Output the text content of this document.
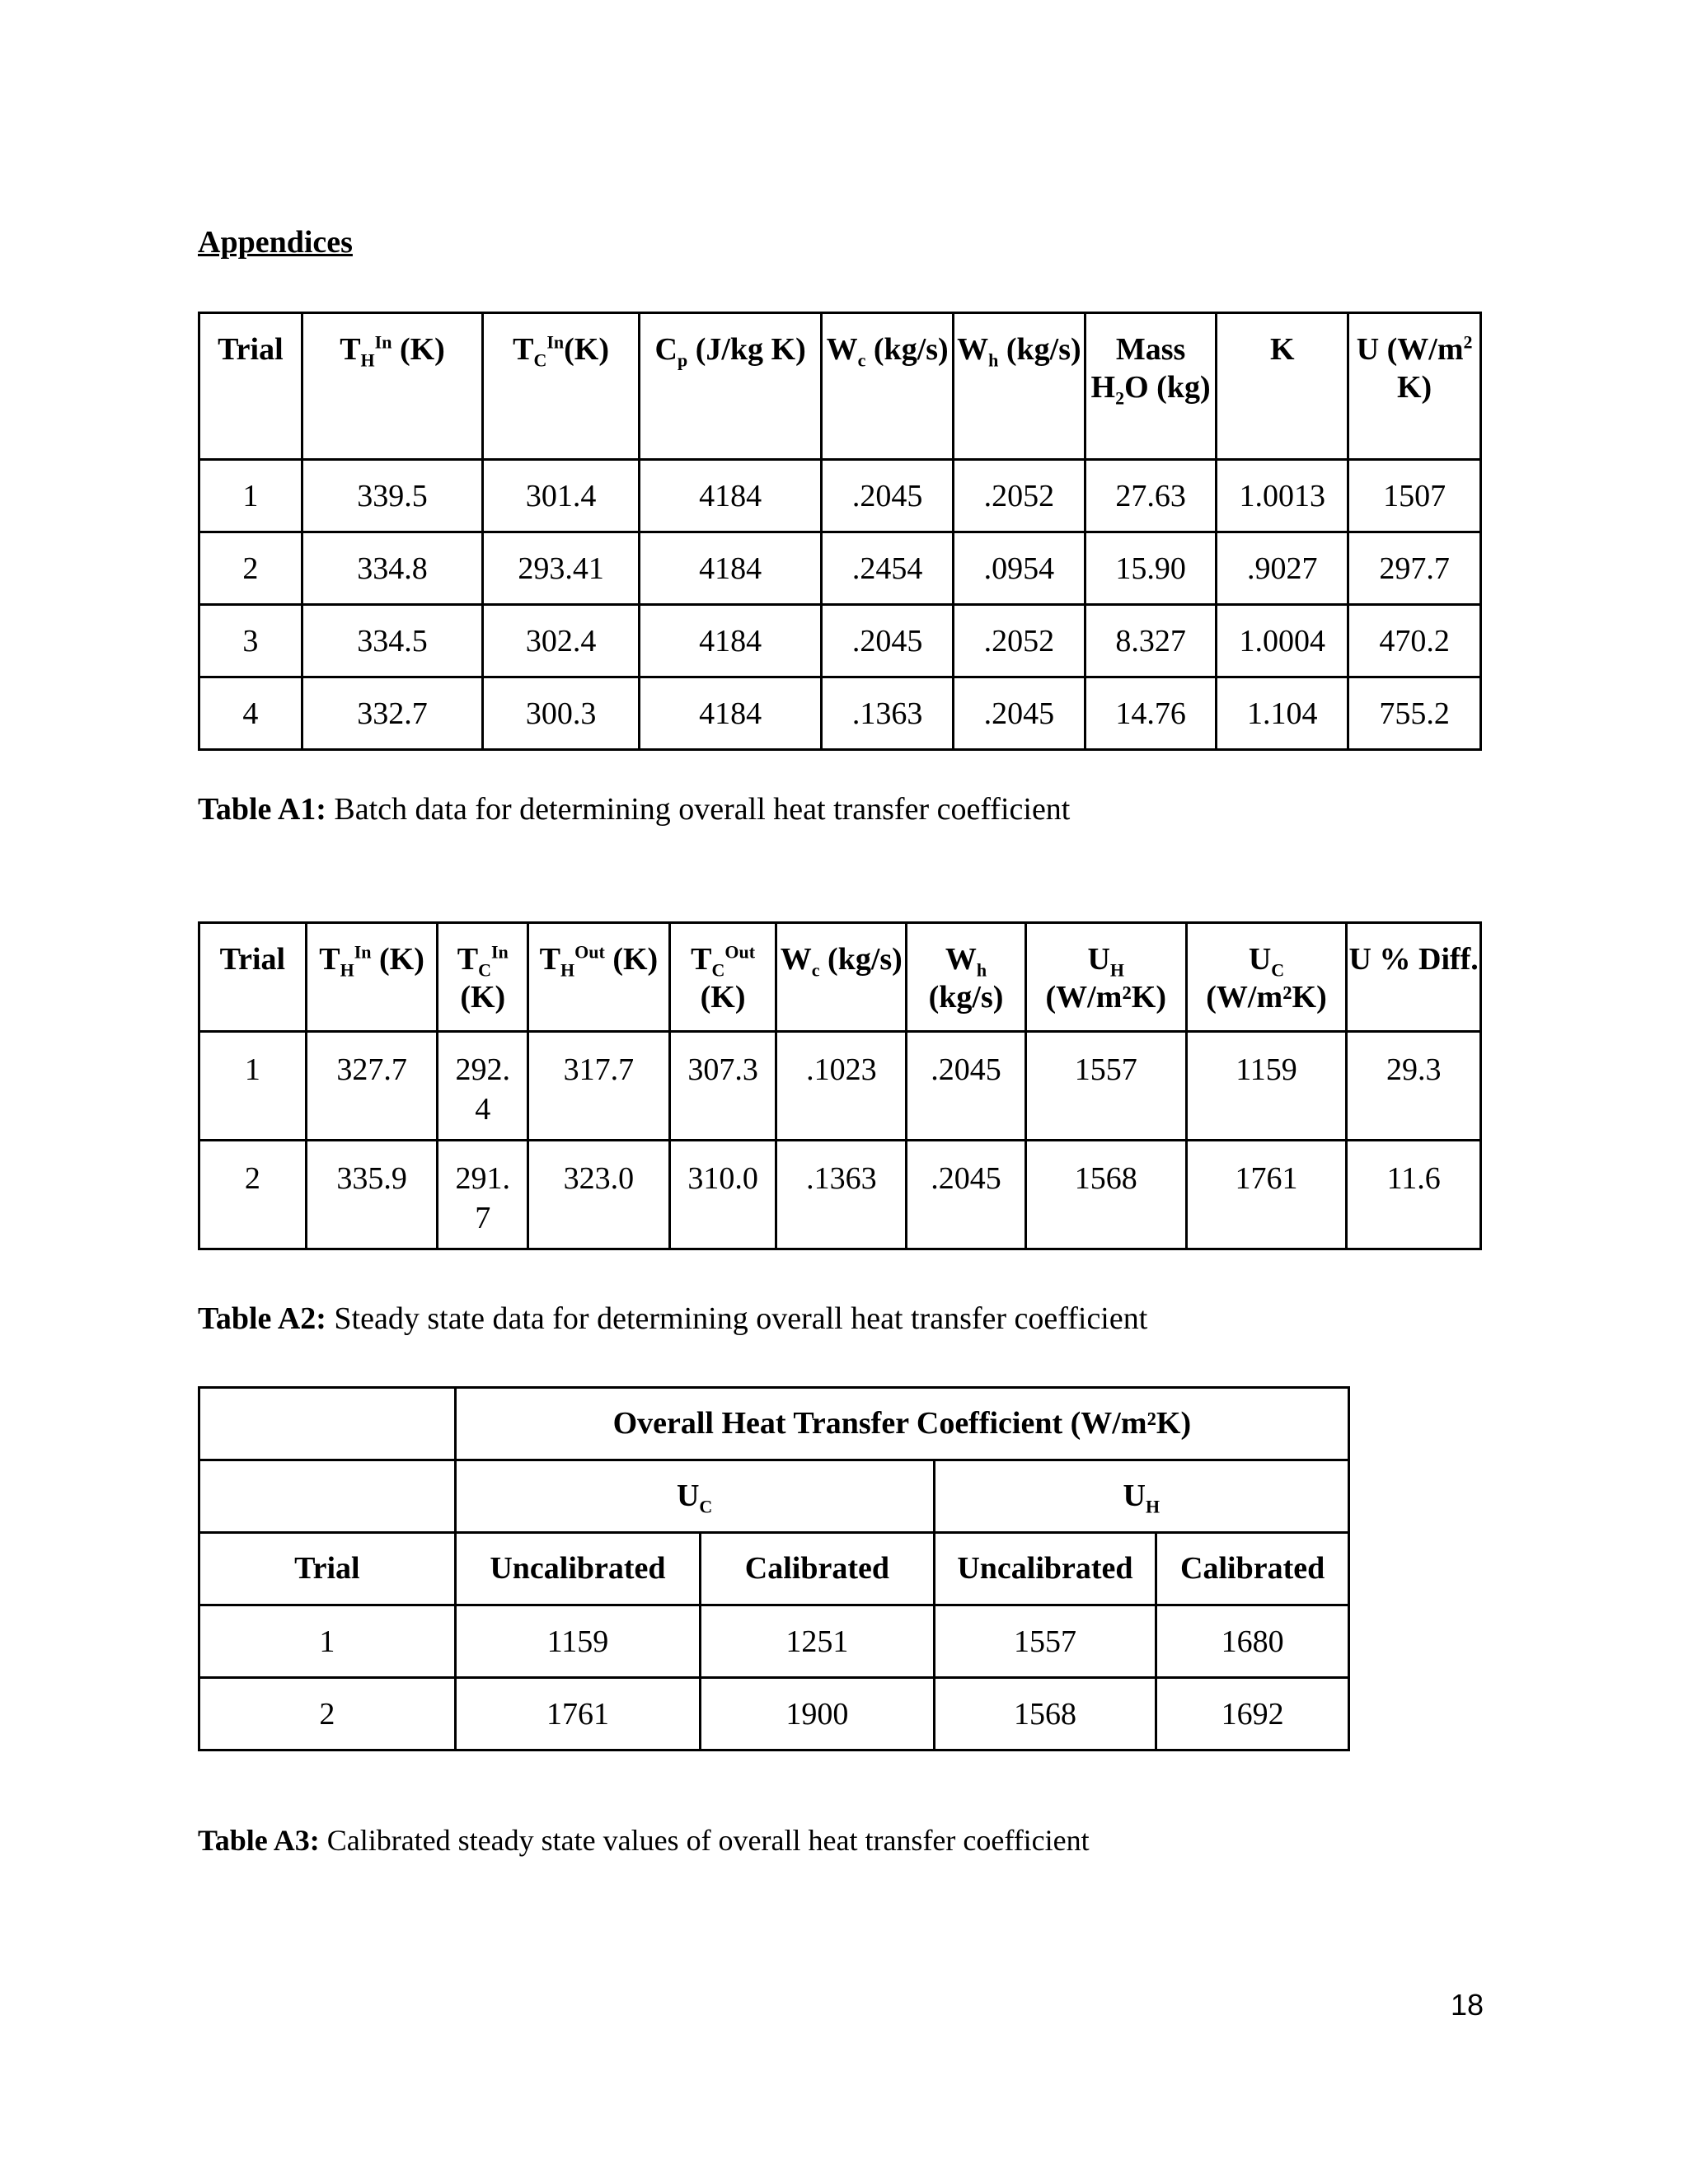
Appendices
Trial	$T_H^{In}$ (K)	$T_C^{In}(K)$	$C_p$ (J/kg K)	$W_c$ (kg/s)	$W_h$ (kg/s)	Mass $H_2O$ (kg)	K	U ($W/m^2$ K)
1	339.5	301.4	4184	.2045	.2052	27.63	1.0013	1507
2	334.8	293.41	4184	.2454	.0954	15.90	.9027	297.7
3	334.5	302.4	4184	.2045	.2052	8.327	1.0004	470.2
4	332.7	300.3	4184	.1363	.2045	14.76	1.104	755.2
Table A1: Batch data for determining overall heat transfer coefficient
Trial	$T_H^{In}$ (K)	$T_C^{In}$ (K)	$T_H^{Out}$ (K)	$T_C^{Out}$ (K)	$W_c$ (kg/s)	$W_h$ (kg/s)	$U_H$ (W/m²K)	$U_C$ (W/m²K)	U % Diff.
1	327.7	292.4	317.7	307.3	.1023	.2045	1557	1159	29.3
2	335.9	291.7	323.0	310.0	.1363	.2045	1568	1761	11.6
Table A2: Steady state data for determining overall heat transfer coefficient
	Overall Heat Transfer Coefficient (W/m²K)			
	$U_C$		$U_H$
Trial	Uncalibrated	Calibrated	Uncalibrated	Calibrated
1	1159	1251	1557	1680
2	1761	1900	1568	1692
Table A3: Calibrated steady state values of overall heat transfer coefficient
18
